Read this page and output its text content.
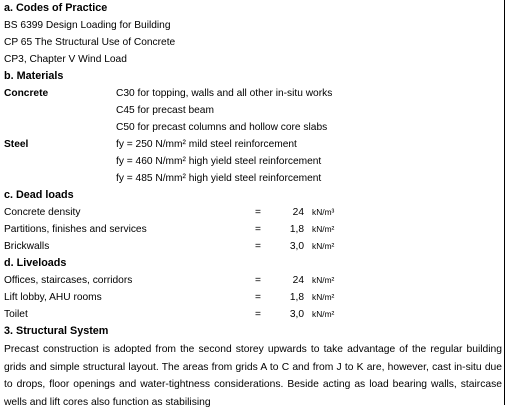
a. Codes of Practice
BS 6399 Design Loading for Building
CP 65 The Structural Use of Concrete
CP3, Chapter V Wind Load
b. Materials
Concrete	C30 for topping, walls and all other in-situ works
C45 for precast beam
C50 for precast columns and hollow core slabs
Steel	fy = 250 N/mm² mild steel reinforcement
fy = 460 N/mm² high yield steel reinforcement
fy = 485 N/mm² high yield steel reinforcement
c. Dead loads
Concrete density	=	24 kN/m³
Partitions, finishes and services	=	1,8 kN/m²
Brickwalls	=	3,0 kN/m²
d. Liveloads
Offices, staircases, corridors	=	24 kN/m²
Lift lobby, AHU rooms	=	1,8 kN/m²
Toilet	=	3,0 kN/m²
3. Structural System
Precast construction is adopted from the second storey upwards to take advantage of the regular building grids and simple structural layout. The areas from grids A to C and from J to K are, however, cast in-situ due to drops, floor openings and water-tightness considerations. Beside acting as load bearing walls, staircase wells and lift cores also function as stabilising
